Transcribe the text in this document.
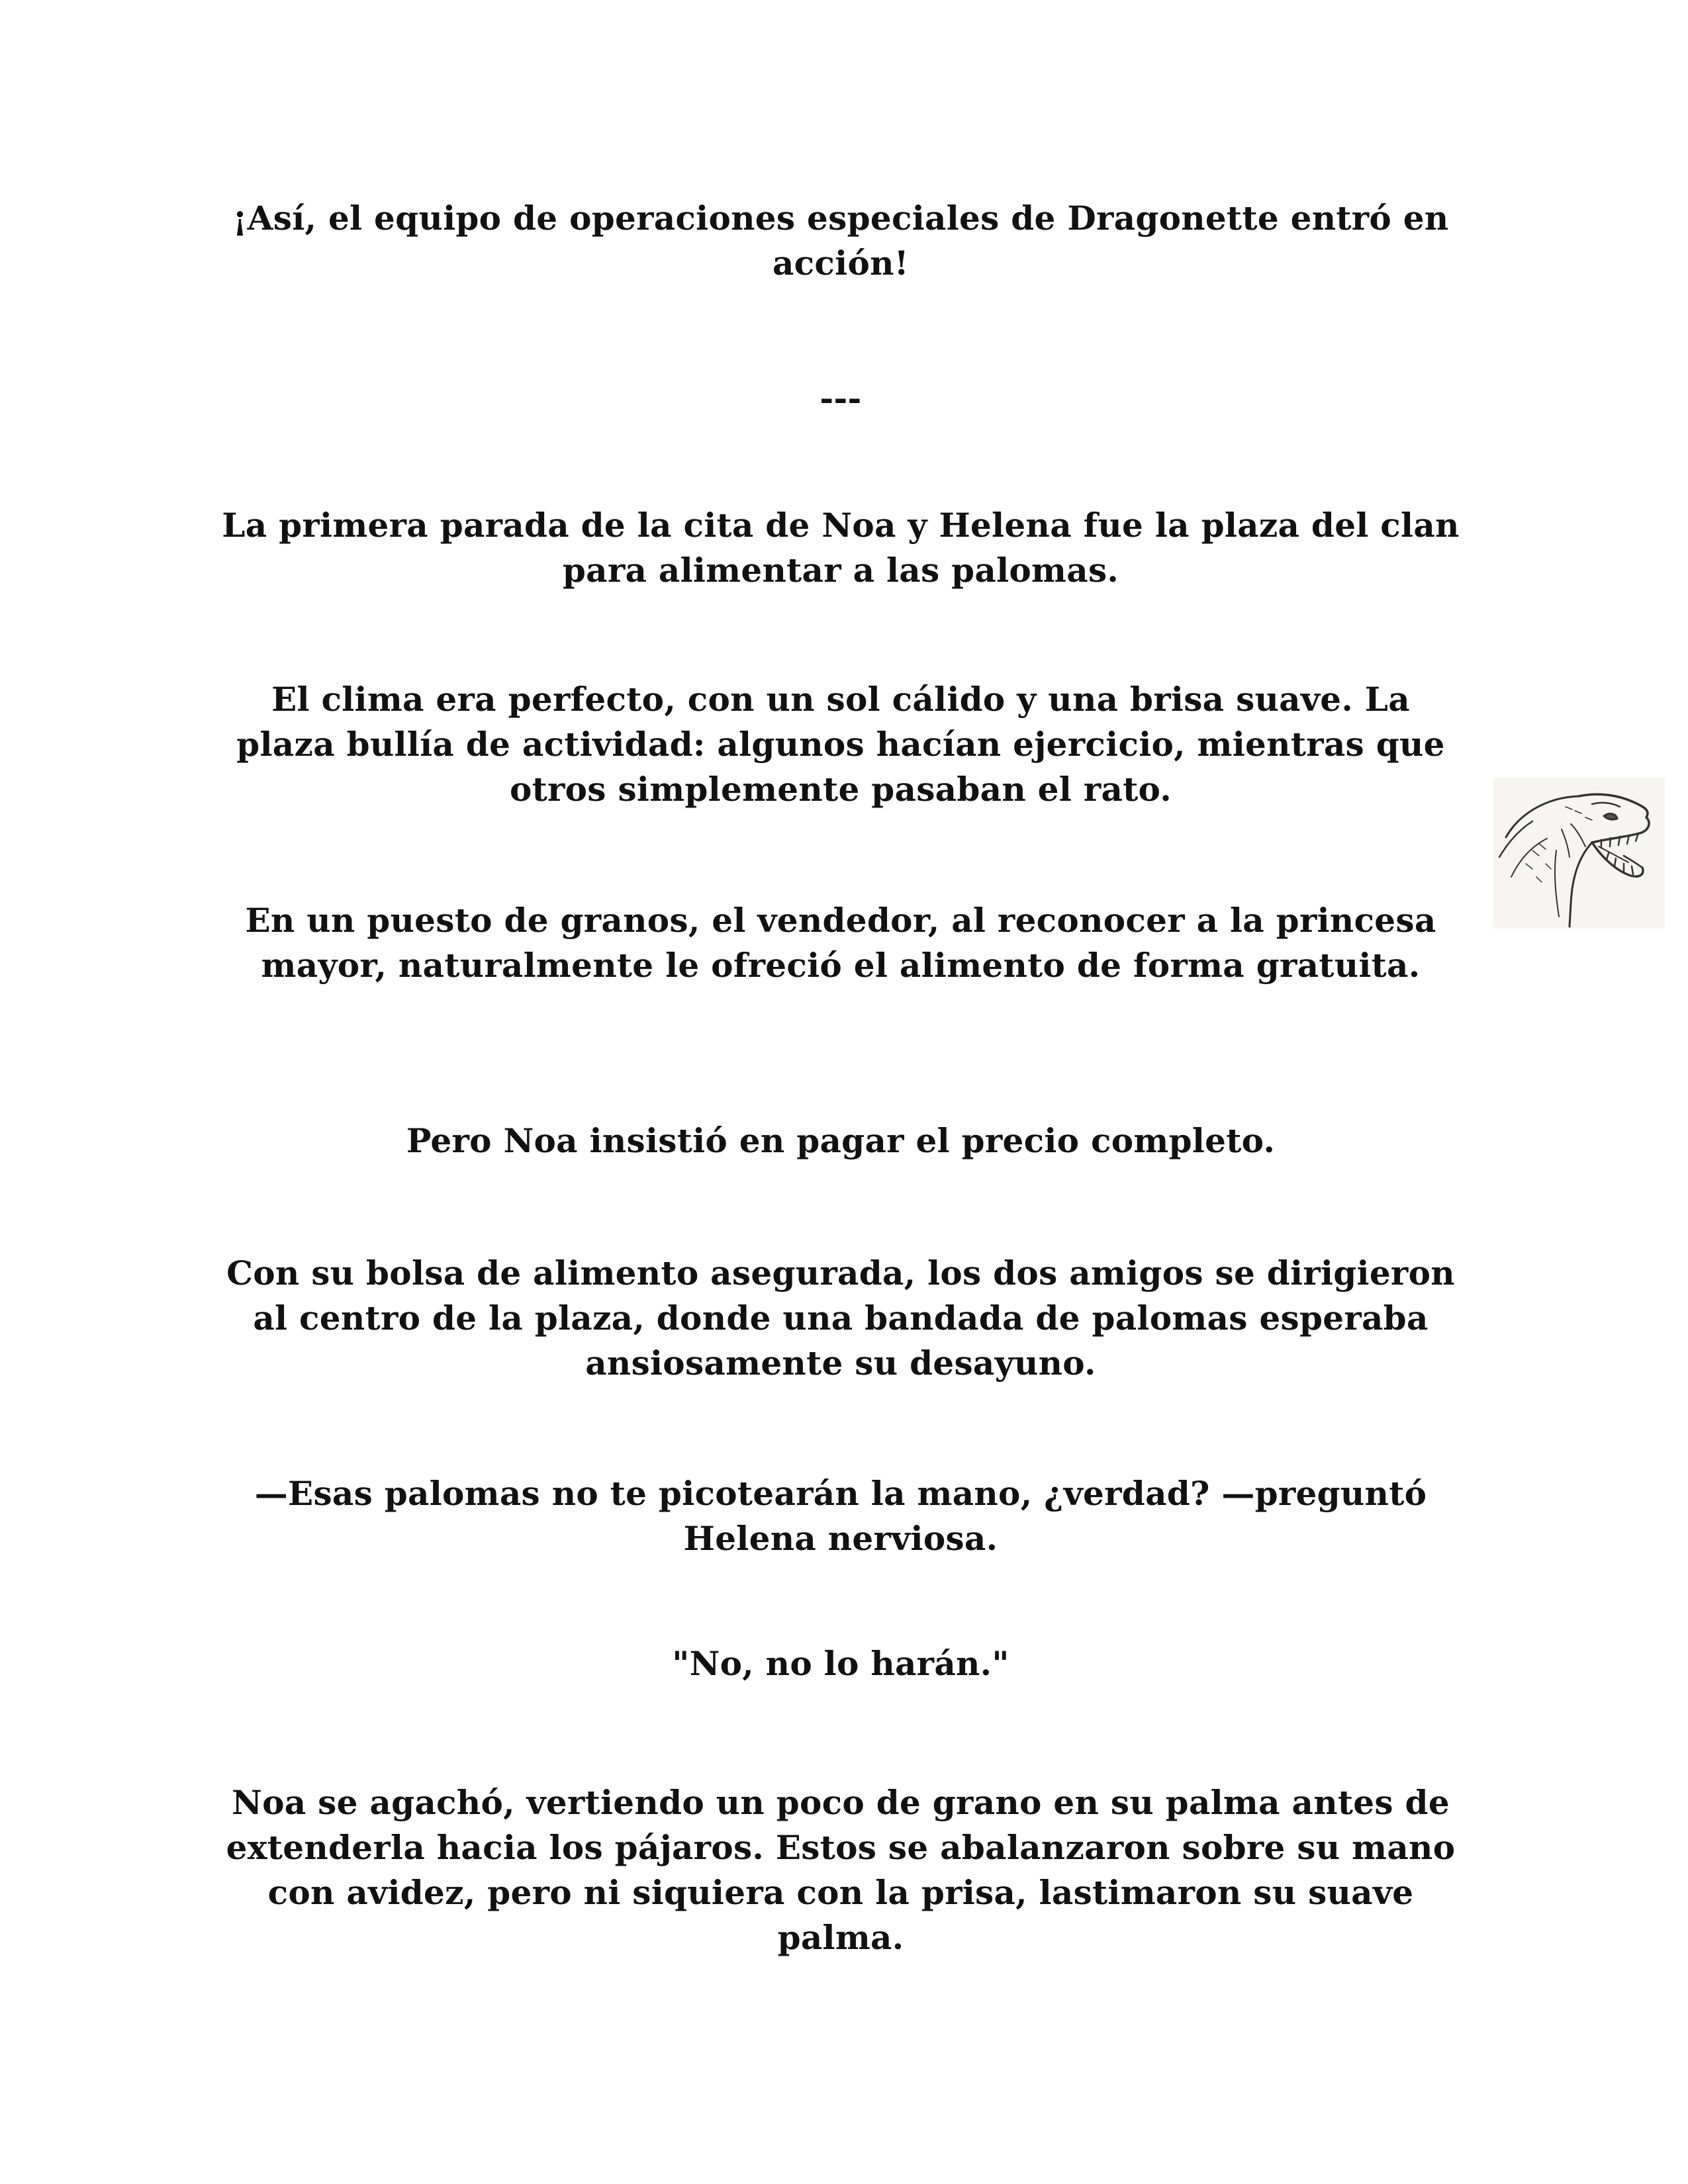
¡Así, el equipo de operaciones especiales de Dragonette entró en acción!

---

La primera parada de la cita de Noa y Helena fue la plaza del clan para alimentar a las palomas.

El clima era perfecto, con un sol cálido y una brisa suave. La plaza bullía de actividad: algunos hacían ejercicio, mientras que otros simplemente pasaban el rato.

En un puesto de granos, el vendedor, al reconocer a la princesa mayor, naturalmente le ofreció el alimento de forma gratuita.

Pero Noa insistió en pagar el precio completo.

Con su bolsa de alimento asegurada, los dos amigos se dirigieron al centro de la plaza, donde una bandada de palomas esperaba ansiosamente su desayuno.

—Esas palomas no te picotearán la mano, ¿verdad? —preguntó Helena nerviosa.

"No, no lo harán."

Noa se agachó, vertiendo un poco de grano en su palma antes de extenderla hacia los pájaros. Estos se abalanzaron sobre su mano con avidez, pero ni siquiera con la prisa, lastimaron su suave palma.
